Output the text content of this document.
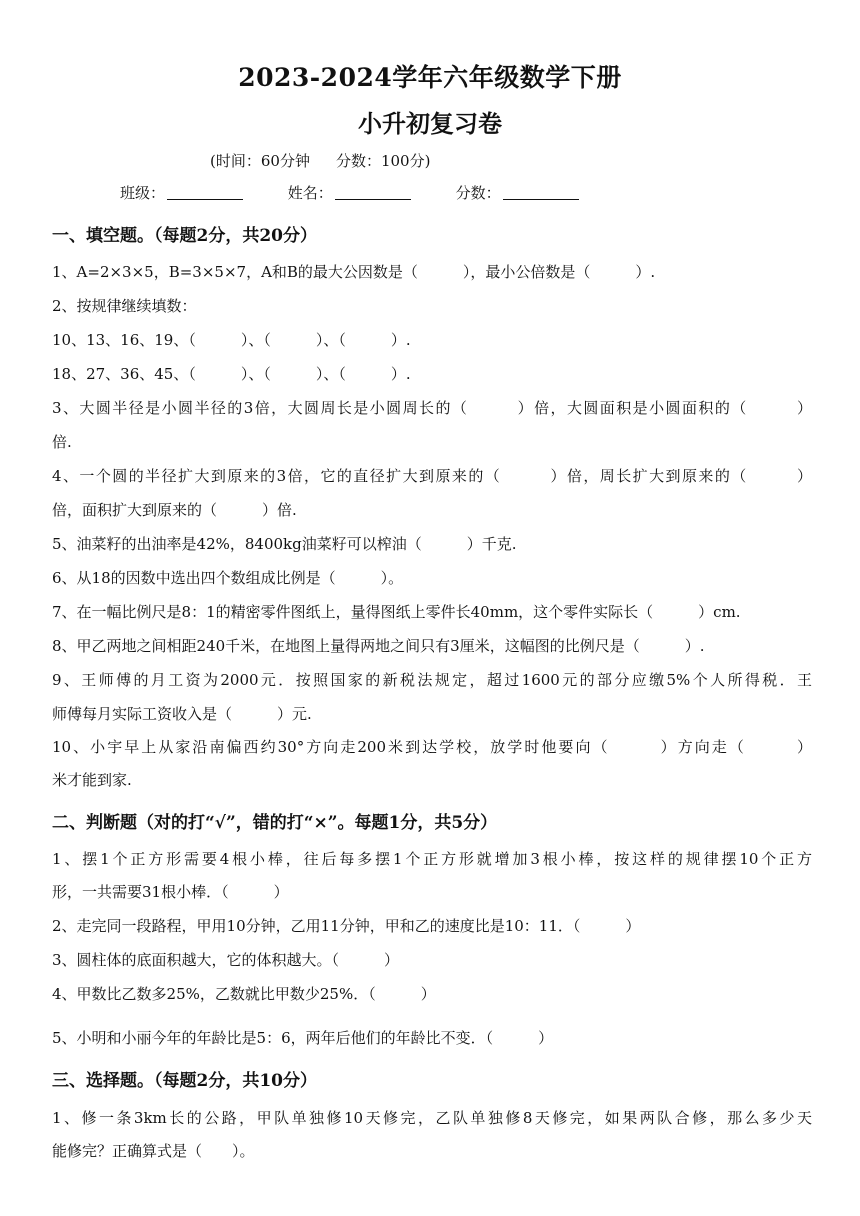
2023-2024学年六年级数学下册
小升初复习卷
(时间：60分钟 分数：100分)
班级：	姓名：	分数：
一、填空题。（每题2分，共20分）
1、A=2×3×5，B=3×5×7，A和B的最大公因数是（　　　），最小公倍数是（　　　）.
2、按规律继续填数：
10、13、16、19、（　　　）、（　　　）、（　　　）.
18、27、36、45、（　　　）、（　　　）、（　　　）.
3、大圆半径是小圆半径的3倍，大圆周长是小圆周长的（　　　）倍，大圆面积是小圆面积的（　　　）
倍.
4、一个圆的半径扩大到原来的3倍，它的直径扩大到原来的（　　　）倍，周长扩大到原来的（　　　）
倍，面积扩大到原来的（　　　）倍.
5、油菜籽的出油率是42%，8400kg油菜籽可以榨油（　　　）千克.
6、从18的因数中选出四个数组成比例是（　　　）。
7、在一幅比例尺是8：1的精密零件图纸上，量得图纸上零件长40mm，这个零件实际长（　　　）cm.
8、甲乙两地之间相距240千米，在地图上量得两地之间只有3厘米，这幅图的比例尺是（　　　）.
9、王师傅的月工资为2000元．按照国家的新税法规定，超过1600元的部分应缴5%个人所得税．王
师傅每月实际工资收入是（　　　）元.
10、小宇早上从家沿南偏西约30°方向走200米到达学校，放学时他要向（　　　）方向走（　　　）
米才能到家.
二、判断题（对的打“√”，错的打“×”。每题1分，共5分）
1、摆1个正方形需要4根小棒，往后每多摆1个正方形就增加3根小棒，按这样的规律摆10个正方
形，一共需要31根小棒．（　　　）
2、走完同一段路程，甲用10分钟，乙用11分钟，甲和乙的速度比是10：11．（　　　）
3、圆柱体的底面积越大，它的体积越大。（　　　）
4、甲数比乙数多25%，乙数就比甲数少25%．（　　　）
5、小明和小丽今年的年龄比是5：6，两年后他们的年龄比不变．（　　　）
三、选择题。（每题2分，共10分）
1、修一条3km长的公路，甲队单独修10天修完，乙队单独修8天修完，如果两队合修，那么多少天
能修完？正确算式是（　　）。
